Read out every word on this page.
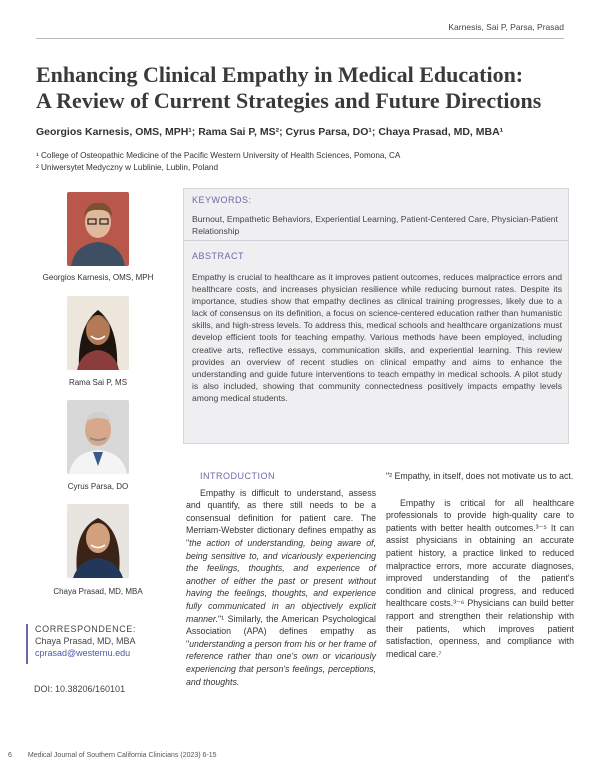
Karnesis, Sai P, Parsa, Prasad
Enhancing Clinical Empathy in Medical Education:
A Review of Current Strategies and Future Directions
Georgios Karnesis, OMS, MPH¹; Rama Sai P, MS²; Cyrus Parsa, DO¹; Chaya Prasad, MD, MBA¹
¹ College of Osteopathic Medicine of the Pacific Western University of Health Sciences, Pomona, CA
² Uniwersytet Medyczny w Lublinie, Lublin, Poland
Georgios Karnesis, OMS, MPH
Rama Sai P, MS
Cyrus Parsa, DO
Chaya Prasad, MD, MBA
KEYWORDS:
Burnout, Empathetic Behaviors, Experiential Learning, Patient-Centered Care, Physician-Patient Relationship
ABSTRACT
Empathy is crucial to healthcare as it improves patient outcomes, reduces malpractice errors and healthcare costs, and increases physician resilience while reducing burnout rates. Despite its importance, studies show that empathy declines as clinical training progresses, likely due to a lack of consensus on its definition, a focus on science-centered education rather than humanistic skills, and high-stress levels. To address this, medical schools and healthcare organizations must develop efficient tools for teaching empathy. Various methods have been employed, including creative arts, reflective essays, communication skills, and experiential learning. This review provides an overview of recent studies on clinical empathy and aims to enhance the understanding and guide future interventions to teach empathy in medical schools. A pilot study is also included, showing that community connectedness positively impacts empathy levels among medical students.
CORRESPONDENCE:
Chaya Prasad, MD, MBA
cprasad@westernu.edu
DOI: 10.38206/160101
INTRODUCTION

Empathy is difficult to understand, assess and quantify, as there still needs to be a consensual definition for patient care. The Merriam-Webster dictionary defines empathy as "the action of understanding, being aware of, being sensitive to, and vicariously experiencing the feelings, thoughts, and experience of another of either the past or present without having the feelings, thoughts, and experience fully communicated in an objectively explicit manner."¹ Similarly, the American Psychological Association (APA) defines empathy as "understanding a person from his or her frame of reference rather than one's own or vicariously experiencing that person's feelings, perceptions, and thoughts.

"² Empathy, in itself, does not motivate us to act.

Empathy is critical for all healthcare professionals to provide high-quality care to patients with better health outcomes.³⁻⁵ It can assist physicians in obtaining an accurate patient history, a practice linked to reduced malpractice errors, more accurate diagnoses, improved understanding of the patient's condition and clinical progress, and reduced healthcare costs.³⁻⁶ Physicians can build better rapport and strengthen their relationship with their patients, which improves patient satisfaction, openness, and compliance with medical care.⁷

6 Medical Journal of Southern California Clinicians (2023) 6-15
